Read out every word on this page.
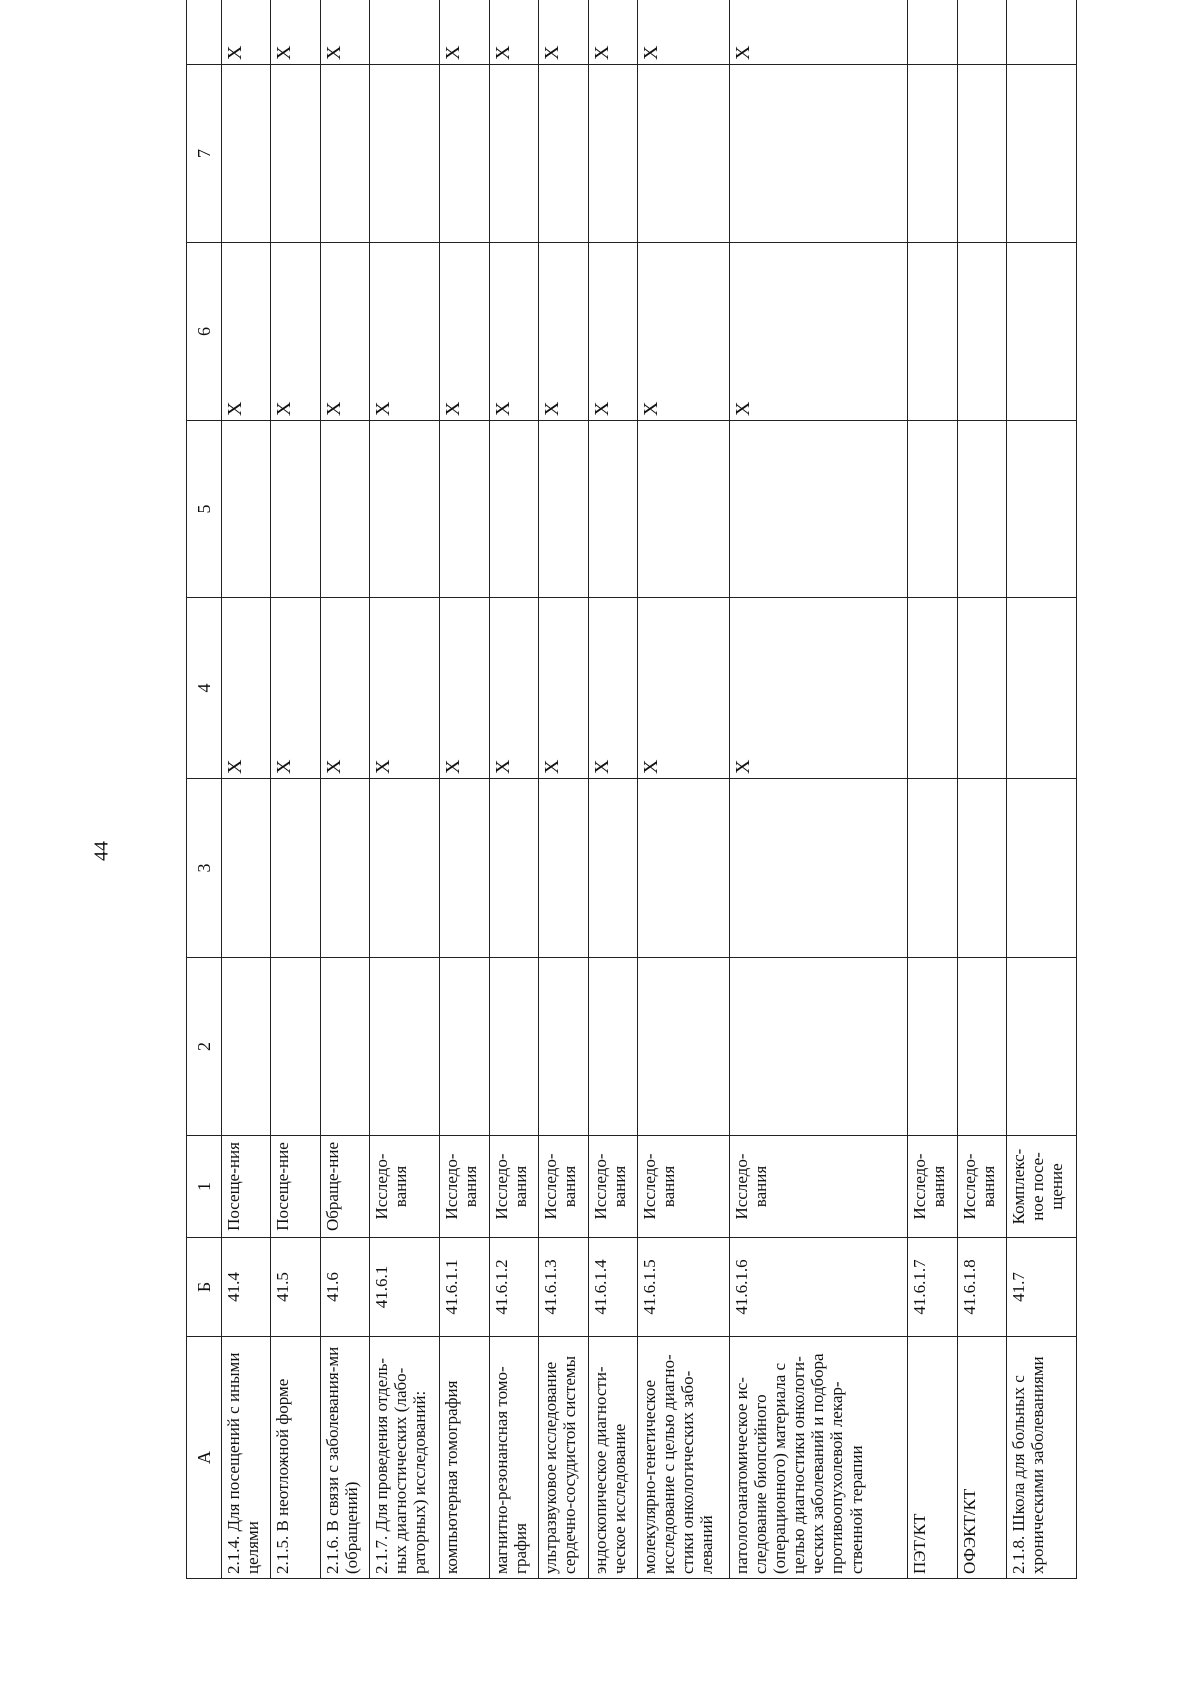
44
А	Б	1	2	3	4	5	6	7	
2.1.4. Для посещений с иными целями	41.4	Посеще-ния			X		X		X
2.1.5. В неотложной форме	41.5	Посеще-ние			X		X		X
2.1.6. В связи с заболевания-ми (обращений)	41.6	Обраще-ние			X		X		X
2.1.7. Для проведения отдель-ных диагностических (лабо-раторных) исследований:	41.6.1	Исследо-вания			X		X		
компьютерная томография	41.6.1.1	Исследо-вания			X		X		X
магнитно-резонансная томо-графия	41.6.1.2	Исследо-вания			X		X		X
ультразвуковое исследование сердечно-сосудистой системы	41.6.1.3	Исследо-вания			X		X		X
эндоскопическое диагности-ческое исследование	41.6.1.4	Исследо-вания			X		X		X
молекулярно-генетическое исследование с целью диагно-стики онкологических забо-леваний	41.6.1.5	Исследо-вания			X		X		X
патологоанатомическое ис-следование биопсийного (операционного) материала с целью диагностики онкологи-ческих заболеваний и подбора противоопухолевой лекар-ственной терапии	41.6.1.6	Исследо-вания			X		X		X
ПЭТ/КТ	41.6.1.7	Исследо-вания							
ОФЭКТ/КТ	41.6.1.8	Исследо-вания							
2.1.8. Школа для больных с хроническими заболеваниями	41.7	Комплекс-ное посе-щение							
